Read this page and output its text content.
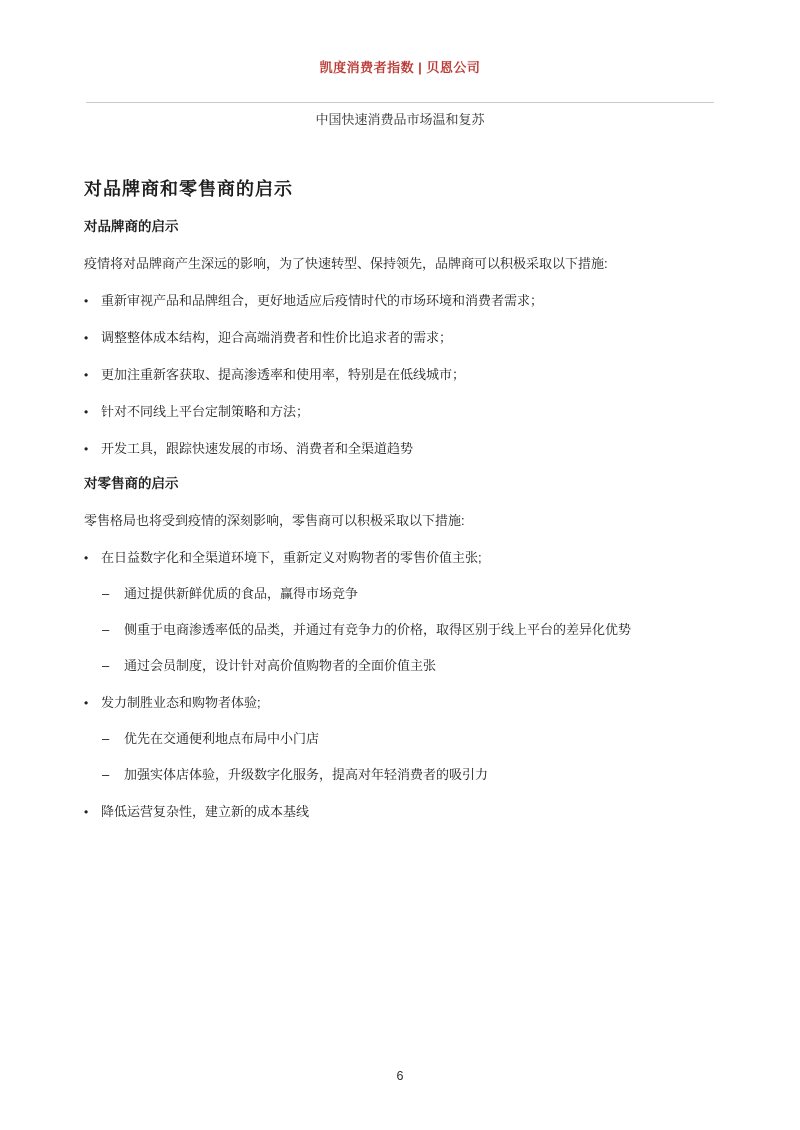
凯度消费者指数 | 贝恩公司
中国快速消费品市场温和复苏
对品牌商和零售商的启示
对品牌商的启示
疫情将对品牌商产生深远的影响，为了快速转型、保持领先，品牌商可以积极采取以下措施:
• 重新审视产品和品牌组合，更好地适应后疫情时代的市场环境和消费者需求；
• 调整整体成本结构，迎合高端消费者和性价比追求者的需求；
• 更加注重新客获取、提高渗透率和使用率，特别是在低线城市；
• 针对不同线上平台定制策略和方法；
• 开发工具，跟踪快速发展的市场、消费者和全渠道趋势
对零售商的启示
零售格局也将受到疫情的深刻影响，零售商可以积极采取以下措施:
• 在日益数字化和全渠道环境下，重新定义对购物者的零售价值主张;
–	通过提供新鲜优质的食品，赢得市场竞争
–	侧重于电商渗透率低的品类，并通过有竞争力的价格，取得区别于线上平台的差异化优势
–	通过会员制度，设计针对高价值购物者的全面价值主张
• 发力制胜业态和购物者体验;
–	优先在交通便利地点布局中小门店
–	加强实体店体验，升级数字化服务，提高对年轻消费者的吸引力
• 降低运营复杂性，建立新的成本基线
6
